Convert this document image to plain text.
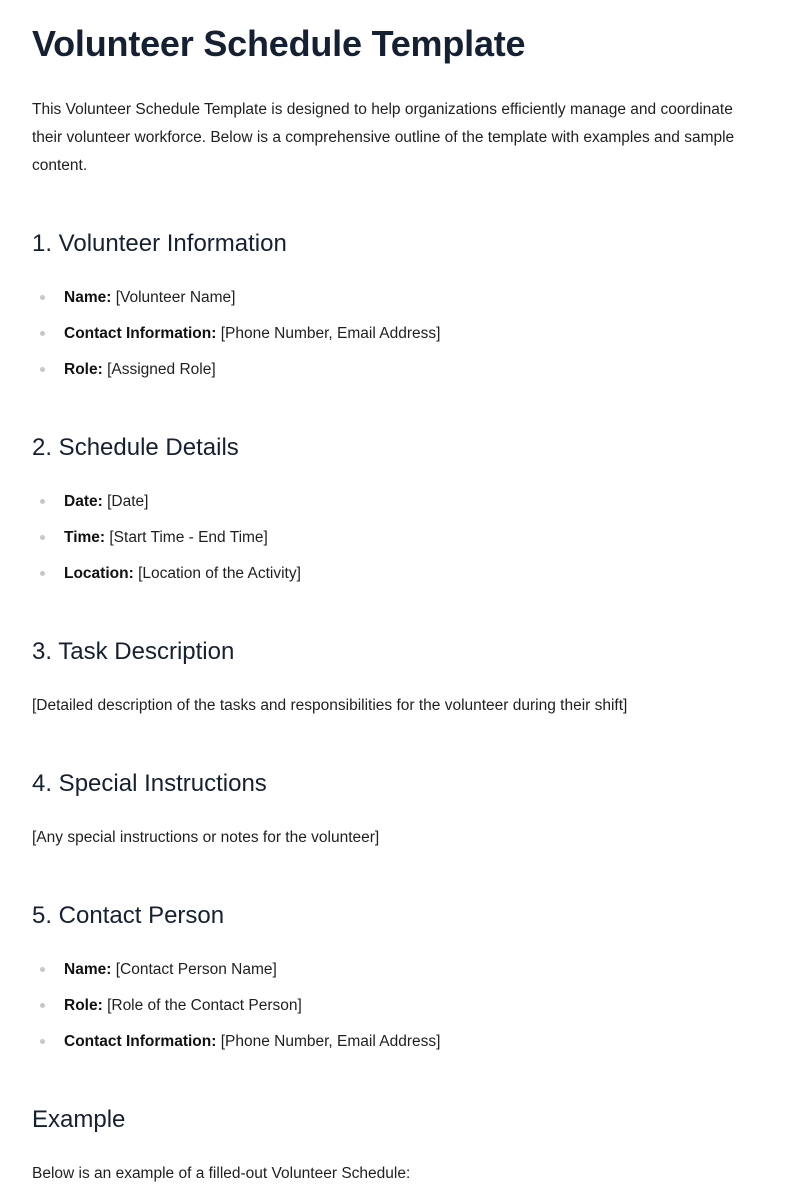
Volunteer Schedule Template

This Volunteer Schedule Template is designed to help organizations efficiently manage and coordinate their volunteer workforce. Below is a comprehensive outline of the template with examples and sample content.

1. Volunteer Information
Name: [Volunteer Name]
Contact Information: [Phone Number, Email Address]
Role: [Assigned Role]
2. Schedule Details
Date: [Date]
Time: [Start Time - End Time]
Location: [Location of the Activity]
3. Task Description

[Detailed description of the tasks and responsibilities for the volunteer during their shift]

4. Special Instructions

[Any special instructions or notes for the volunteer]

5. Contact Person
Name: [Contact Person Name]
Role: [Role of the Contact Person]
Contact Information: [Phone Number, Email Address]
Example

Below is an example of a filled-out Volunteer Schedule:
